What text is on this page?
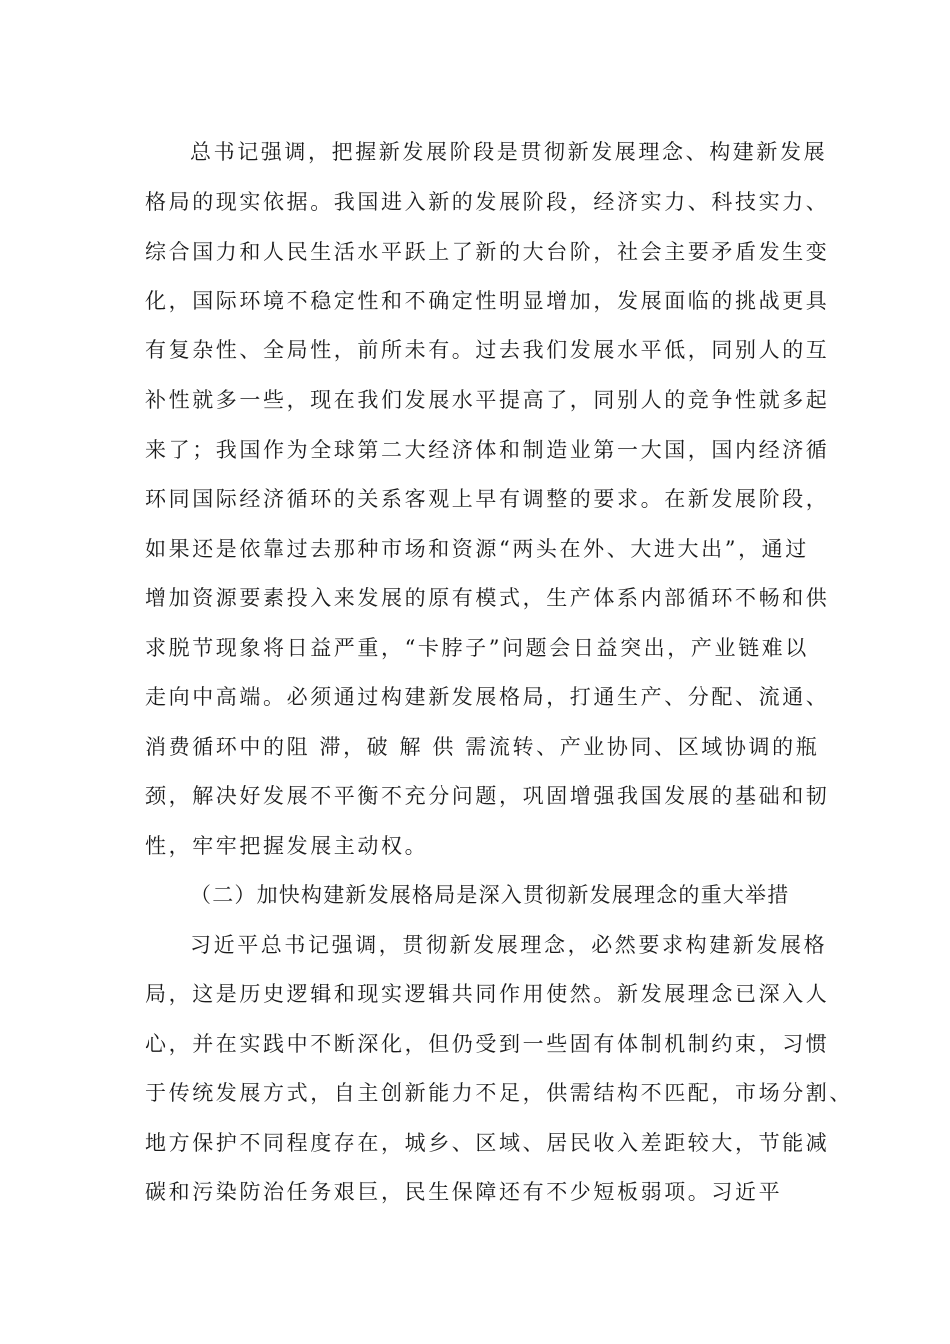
总书记强调，把握新发展阶段是贯彻新发展理念、构建新发展
格局的现实依据。我国进入新的发展阶段，经济实力、科技实力、
综合国力和人民生活水平跃上了新的大台阶，社会主要矛盾发生变
化，国际环境不稳定性和不确定性明显增加，发展面临的挑战更具
有复杂性、全局性，前所未有。过去我们发展水平低，同别人的互
补性就多一些，现在我们发展水平提高了，同别人的竞争性就多起
来了；我国作为全球第二大经济体和制造业第一大国，国内经济循
环同国际经济循环的关系客观上早有调整的要求。在新发展阶段，
如果还是依靠过去那种市场和资源“两头在外、大进大出”，通过
增加资源要素投入来发展的原有模式，生产体系内部循环不畅和供
求脱节现象将日益严重，“卡脖子”问题会日益突出，产业链难以
走向中高端。必须通过构建新发展格局，打通生产、分配、流通、
消费循环中的阻 滞，破 解 供 需流转、产业协同、区域协调的瓶
颈，解决好发展不平衡不充分问题，巩固增强我国发展的基础和韧
性，牢牢把握发展主动权。
（二）加快构建新发展格局是深入贯彻新发展理念的重大举措
习近平总书记强调，贯彻新发展理念，必然要求构建新发展格
局，这是历史逻辑和现实逻辑共同作用使然。新发展理念已深入人
心，并在实践中不断深化，但仍受到一些固有体制机制约束，习惯
于传统发展方式，自主创新能力不足，供需结构不匹配，市场分割、
地方保护不同程度存在，城乡、区域、居民收入差距较大，节能减
碳和污染防治任务艰巨，民生保障还有不少短板弱项。习近平
